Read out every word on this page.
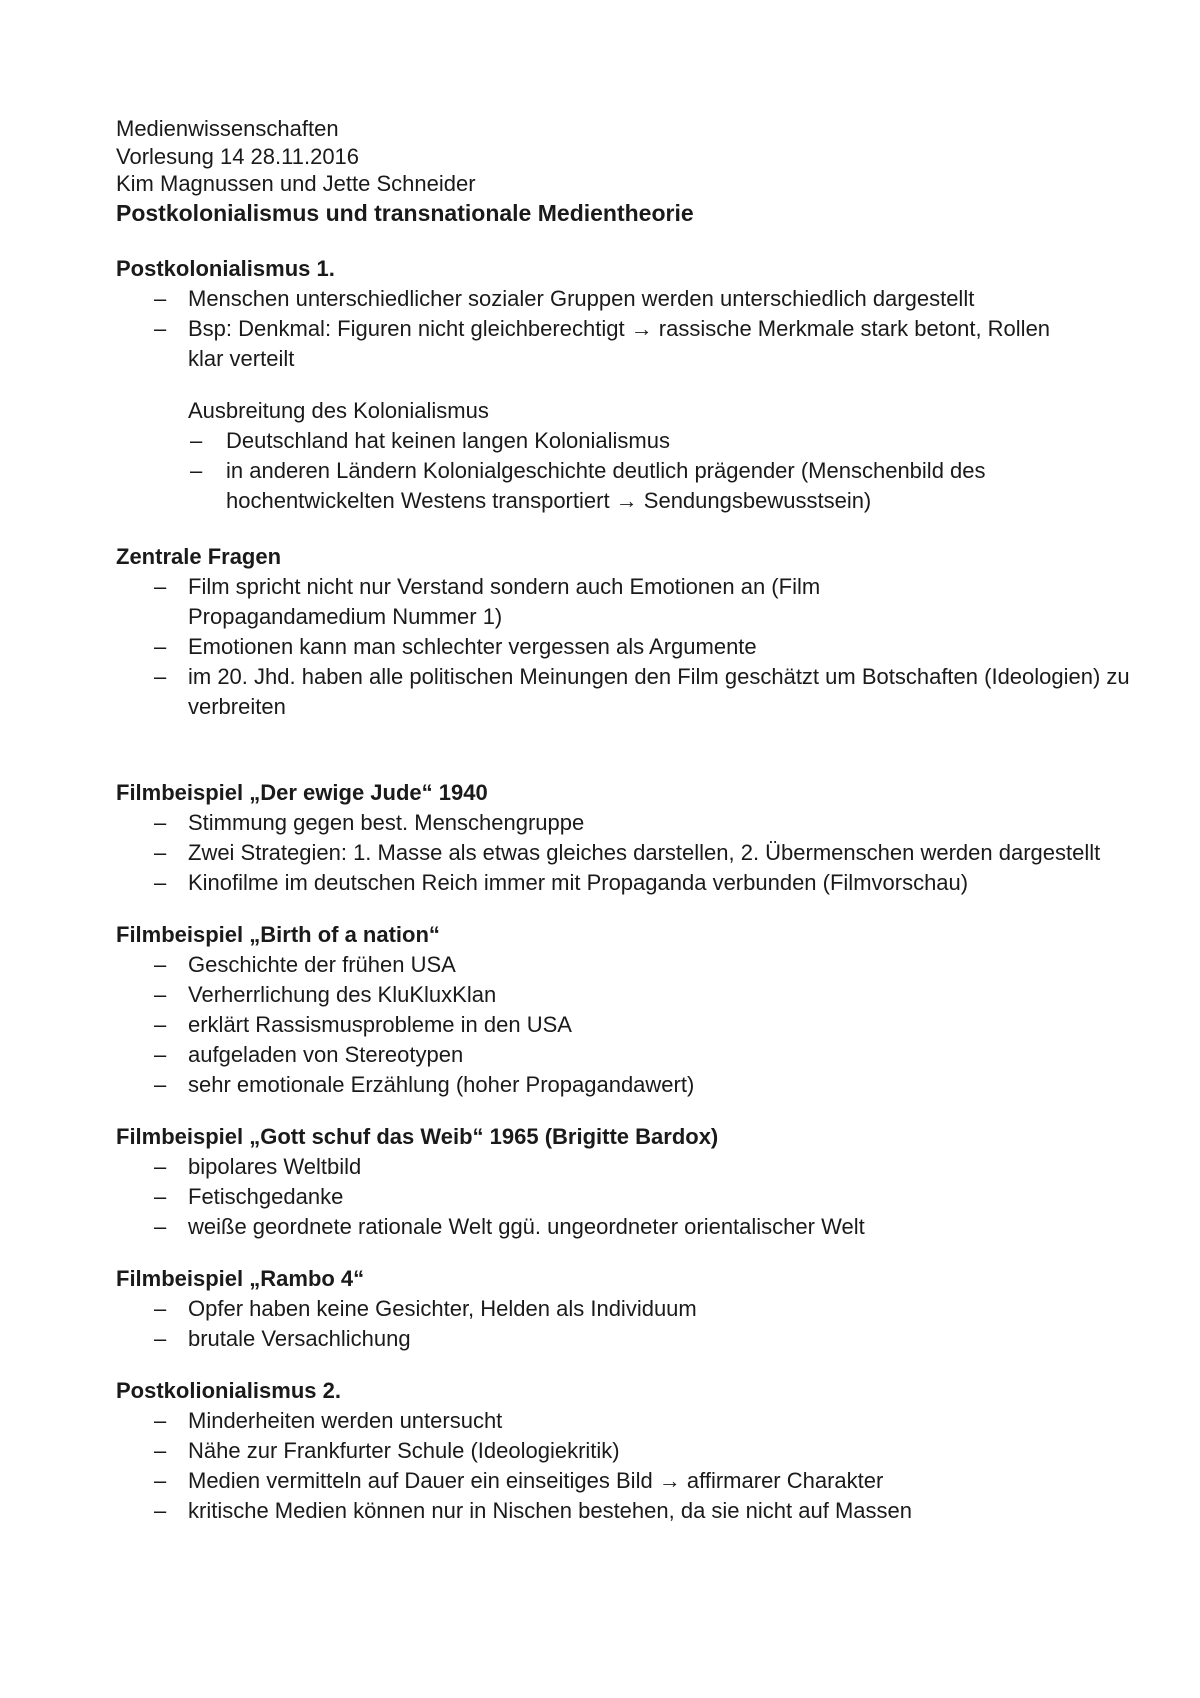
Medienwissenschaften
Vorlesung 14 28.11.2016
Kim Magnussen und Jette Schneider
Postkolonialismus und transnationale Medientheorie
Postkolonialismus 1.
– Menschen unterschiedlicher sozialer Gruppen werden unterschiedlich dargestellt
– Bsp: Denkmal: Figuren nicht gleichberechtigt → rassische Merkmale stark betont, Rollen klar verteilt
Ausbreitung des Kolonialismus
– Deutschland hat keinen langen Kolonialismus
– in anderen Ländern Kolonialgeschichte deutlich prägender (Menschenbild des hochentwickelten Westens transportiert → Sendungsbewusstsein)
Zentrale Fragen
– Film spricht nicht nur Verstand sondern auch Emotionen an (Film Propagandamedium Nummer 1)
– Emotionen kann man schlechter vergessen als Argumente
– im 20. Jhd. haben alle politischen Meinungen den Film geschätzt um Botschaften (Ideologien) zu verbreiten
Filmbeispiel „Der ewige Jude“ 1940
– Stimmung gegen best. Menschengruppe
– Zwei Strategien: 1. Masse als etwas gleiches darstellen, 2. Übermenschen werden dargestellt
– Kinofilme im deutschen Reich immer mit Propaganda verbunden (Filmvorschau)
Filmbeispiel „Birth of a nation“
– Geschichte der frühen USA
– Verherrlichung des KluKluxKlan
– erklärt Rassismusprobleme in den USA
– aufgeladen von Stereotypen
– sehr emotionale Erzählung (hoher Propagandawert)
Filmbeispiel „Gott schuf das Weib“ 1965 (Brigitte Bardox)
– bipolares Weltbild
– Fetischgedanke
– weiße geordnete rationale Welt ggü. ungeordneter orientalischer Welt
Filmbeispiel „Rambo 4“
– Opfer haben keine Gesichter, Helden als Individuum
– brutale Versachlichung
Postkolionialismus 2.
– Minderheiten werden untersucht
– Nähe zur Frankfurter Schule (Ideologiekritik)
– Medien vermitteln auf Dauer ein einseitiges Bild → affirmarer Charakter
– kritische Medien können nur in Nischen bestehen, da sie nicht auf Massen
